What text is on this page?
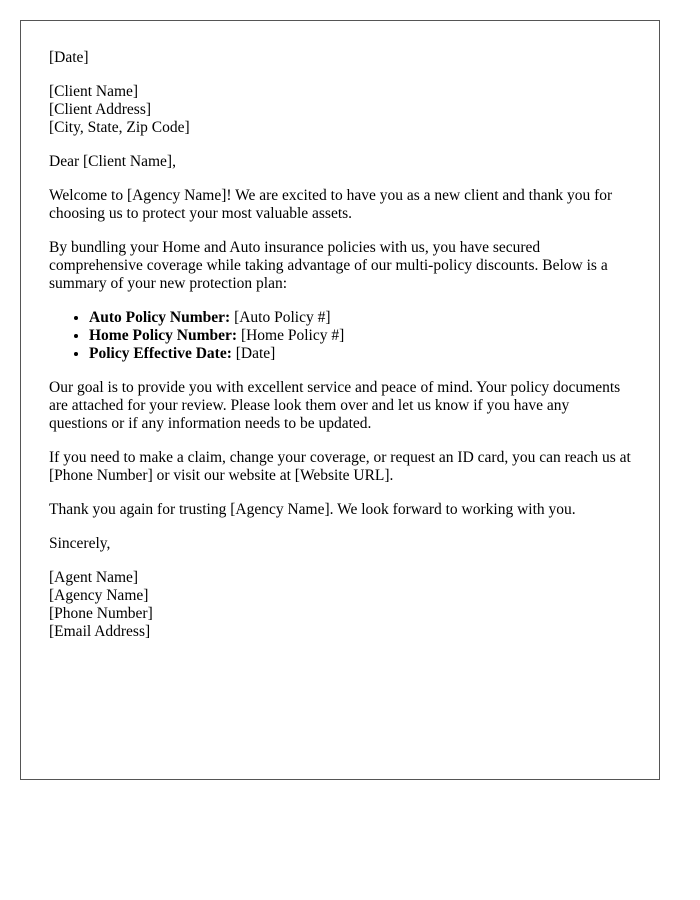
[Date]

[Client Name]
[Client Address]
[City, State, Zip Code]

Dear [Client Name],

Welcome to [Agency Name]! We are excited to have you as a new client and thank you for choosing us to protect your most valuable assets.

By bundling your Home and Auto insurance policies with us, you have secured comprehensive coverage while taking advantage of our multi-policy discounts. Below is a summary of your new protection plan:

• Auto Policy Number: [Auto Policy #]
• Home Policy Number: [Home Policy #]
• Policy Effective Date: [Date]

Our goal is to provide you with excellent service and peace of mind. Your policy documents are attached for your review. Please look them over and let us know if you have any questions or if any information needs to be updated.

If you need to make a claim, change your coverage, or request an ID card, you can reach us at [Phone Number] or visit our website at [Website URL].

Thank you again for trusting [Agency Name]. We look forward to working with you.

Sincerely,

[Agent Name]
[Agency Name]
[Phone Number]
[Email Address]
